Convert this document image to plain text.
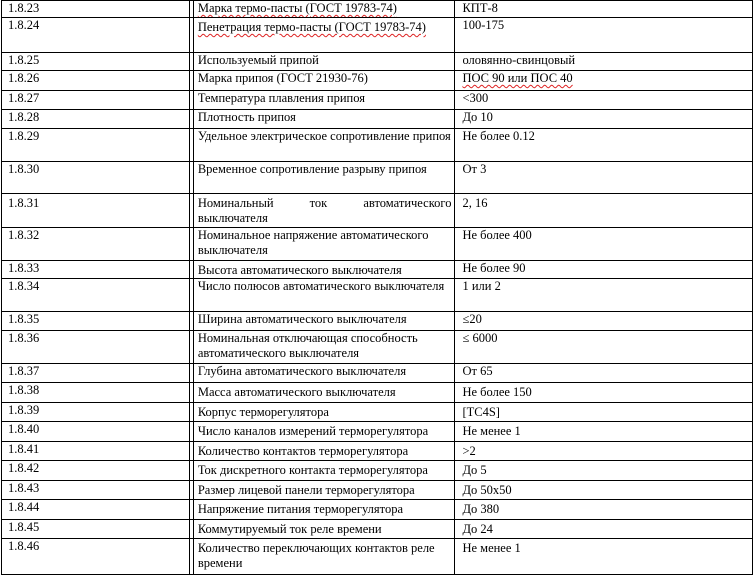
1.8.23		Марка термо-пасты (ГОСТ 19783-74)	КПТ-8
1.8.24		Пенетрация термо-пасты (ГОСТ 19783-74)	100-175
1.8.25		Используемый припой	оловянно-свинцовый
1.8.26		Марка припоя (ГОСТ 21930-76)	ПОС 90 или ПОС 40
1.8.27		Температура плавления припоя	<300
1.8.28		Плотность припоя	До 10
1.8.29		Удельное электрическое сопротивление припоя	Не более 0.12
1.8.30		Временное сопротивление разрыву припоя	От 3
1.8.31		Номинальный ток автоматического выключателя	2, 16
1.8.32		Номинальное напряжение автоматического выключателя	Не более 400
1.8.33		Высота автоматического выключателя	Не более 90
1.8.34		Число полюсов автоматического выключателя	1 или 2
1.8.35		Ширина автоматического выключателя	≤20
1.8.36		Номинальная отключающая способность автоматического выключателя	≤ 6000
1.8.37		Глубина автоматического выключателя	От 65
1.8.38		Масса автоматического выключателя	Не более 150
1.8.39		Корпус терморегулятора	[TC4S]
1.8.40		Число каналов измерений терморегулятора	Не менее 1
1.8.41		Количество контактов терморегулятора	>2
1.8.42		Ток дискретного контакта терморегулятора	До 5
1.8.43		Размер лицевой панели терморегулятора	До 50х50
1.8.44		Напряжение питания терморегулятора	До 380
1.8.45		Коммутируемый ток реле времени	До 24
1.8.46		Количество переключающих контактов реле времени	Не менее 1
